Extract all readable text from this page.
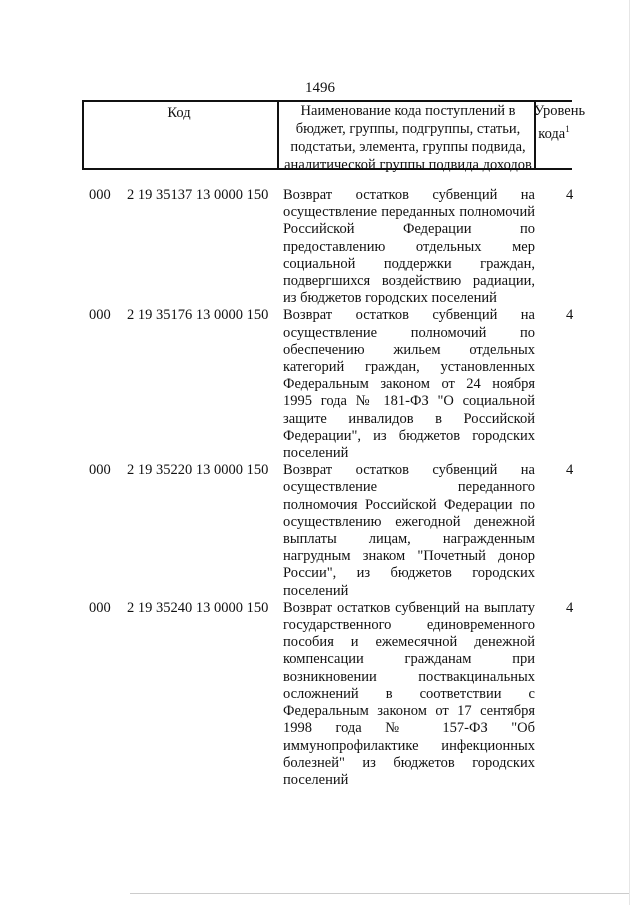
1496
Код	Наименование кода поступлений в бюджет, группы, подгруппы, статьи, подстатьи, элемента, группы подвида, аналитической группы подвида доходов
Уровень кода$^1$
000 2 19 35137 13 0000 150 Возврат остатков субвенций на осуществление переданных полномочий Российской Федерации по предоставлению отдельных мер социальной поддержки граждан, подвергшихся воздействию радиации, из бюджетов городских поселений
4
000 2 19 35176 13 0000 150 Возврат остатков субвенций на осуществление полномочий по обеспечению жильем отдельных категорий граждан, установленных Федеральным законом от 24 ноября 1995 года № 181-ФЗ "О социальной защите инвалидов в Российской Федерации", из бюджетов городских поселений
4
000 2 19 35220 13 0000 150 Возврат остатков субвенций на осуществление переданного полномочия Российской Федерации по осуществлению ежегодной денежной выплаты лицам, награжденным нагрудным знаком "Почетный донор России", из бюджетов городских поселений
4
000 2 19 35240 13 0000 150 Возврат остатков субвенций на выплату государственного единовременного пособия и ежемесячной денежной компенсации гражданам при возникновении поствакцинальных осложнений в соответствии с Федеральным законом от 17 сентября 1998 года № 157-ФЗ "Об иммунопрофилактике инфекционных болезней" из бюджетов городских поселений
4
